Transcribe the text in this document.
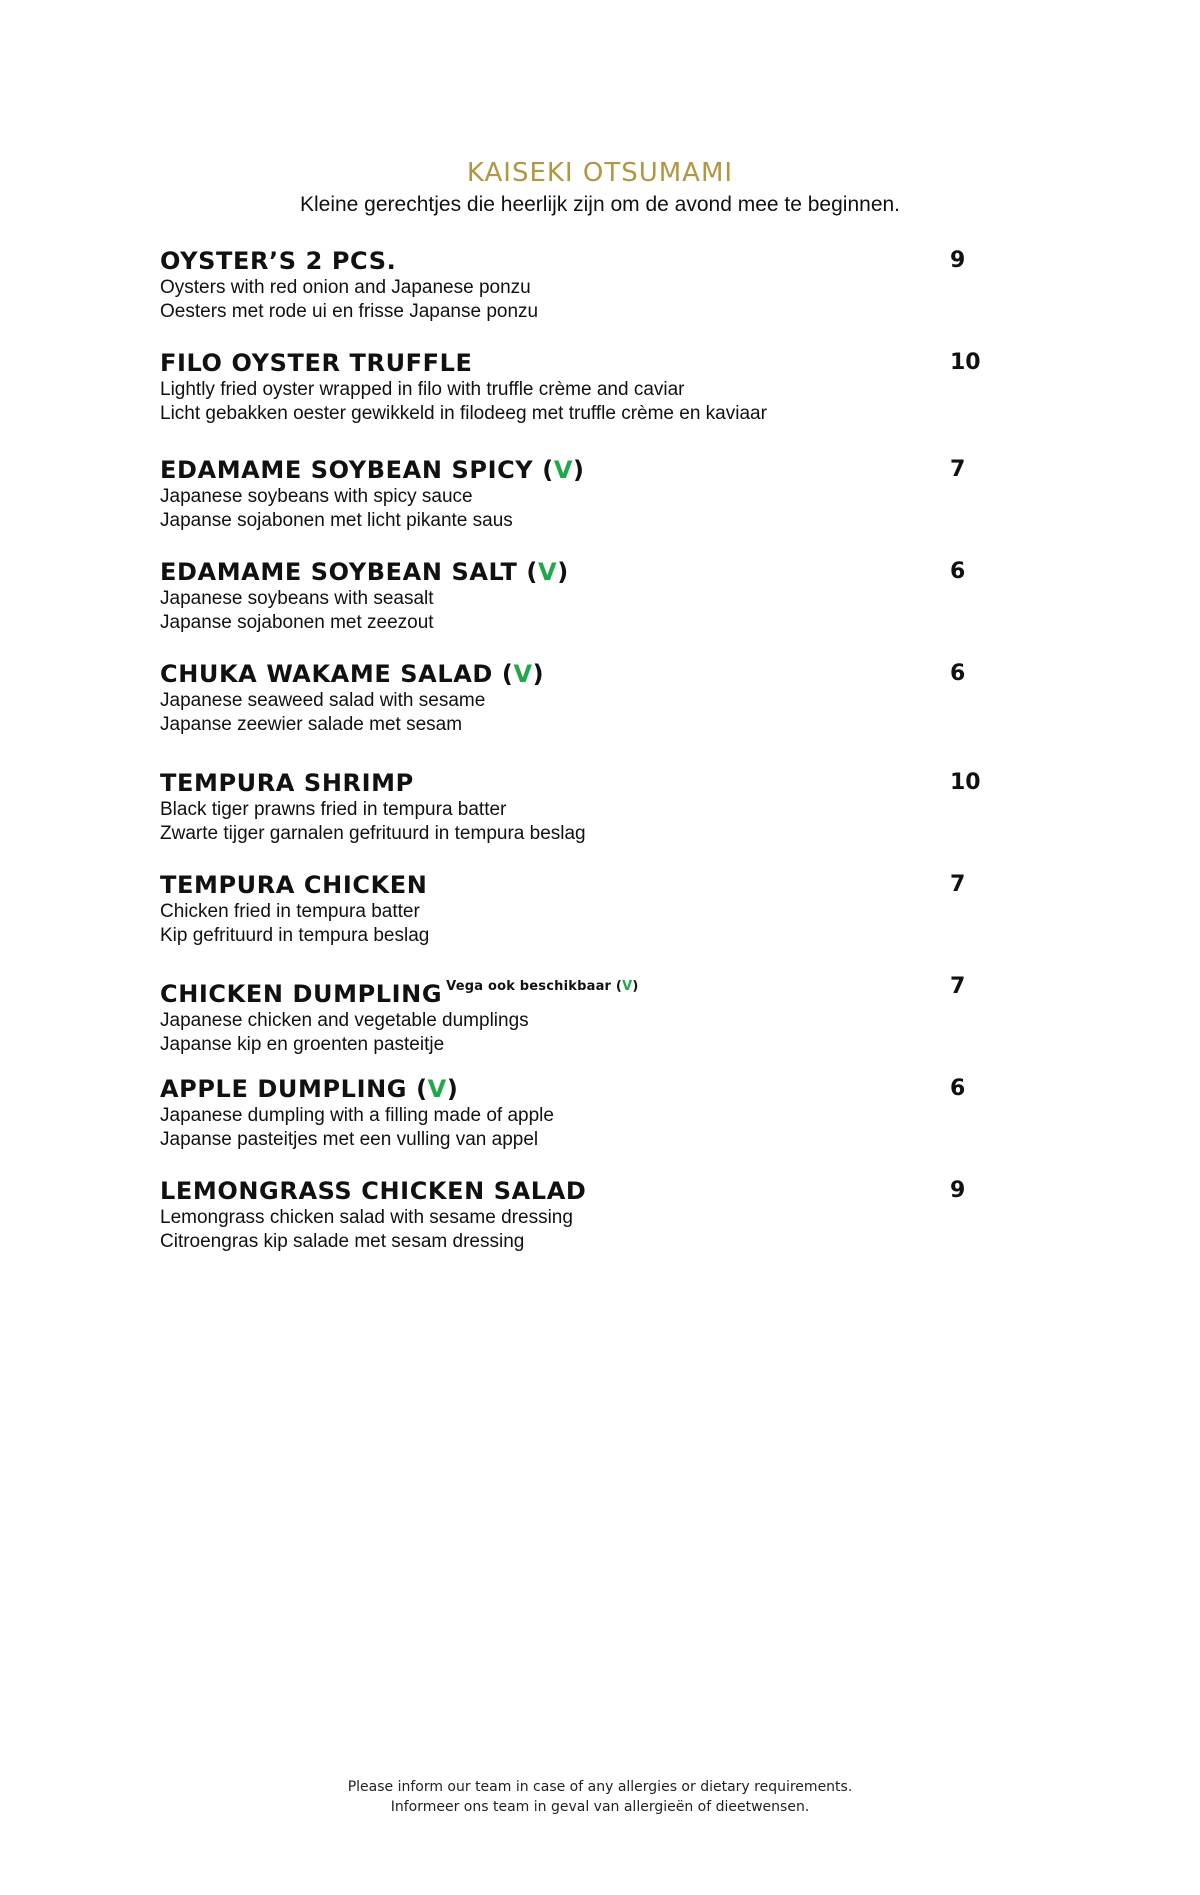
KAISEKI OTSUMAMI
Kleine gerechtjes die heerlijk zijn om de avond mee te beginnen.
OYSTER’S 2 PCS.	9
Oysters with red onion and Japanese ponzu
Oesters met rode ui en frisse Japanse ponzu
FILO OYSTER TRUFFLE	10
Lightly fried oyster wrapped in filo with truffle crème and caviar
Licht gebakken oester gewikkeld in filodeeg met truffle crème en kaviaar
EDAMAME SOYBEAN SPICY (V)	7
Japanese soybeans with spicy sauce
Japanse sojabonen met licht pikante saus
EDAMAME SOYBEAN SALT (V)	6
Japanese soybeans with seasalt
Japanse sojabonen met zeezout
CHUKA WAKAME SALAD (V)	6
Japanese seaweed salad with sesame
Japanse zeewier salade met sesam
TEMPURA SHRIMP	10
Black tiger prawns fried in tempura batter
Zwarte tijger garnalen gefrituurd in tempura beslag
TEMPURA CHICKEN	7
Chicken fried in tempura batter
Kip gefrituurd in tempura beslag
CHICKEN DUMPLING $^{Vega ook beschikbaar (V)}$	7
Japanese chicken and vegetable dumplings
Japanse kip en groenten pasteitje
APPLE DUMPLING (V)	6
Japanese dumpling with a filling made of apple
Japanse pasteitjes met een vulling van appel
LEMONGRASS CHICKEN SALAD	9
Lemongrass chicken salad with sesame dressing
Citroengras kip salade met sesam dressing
Please inform our team in case of any allergies or dietary requirements.
Informeer ons team in geval van allergieën of dieetwensen.
